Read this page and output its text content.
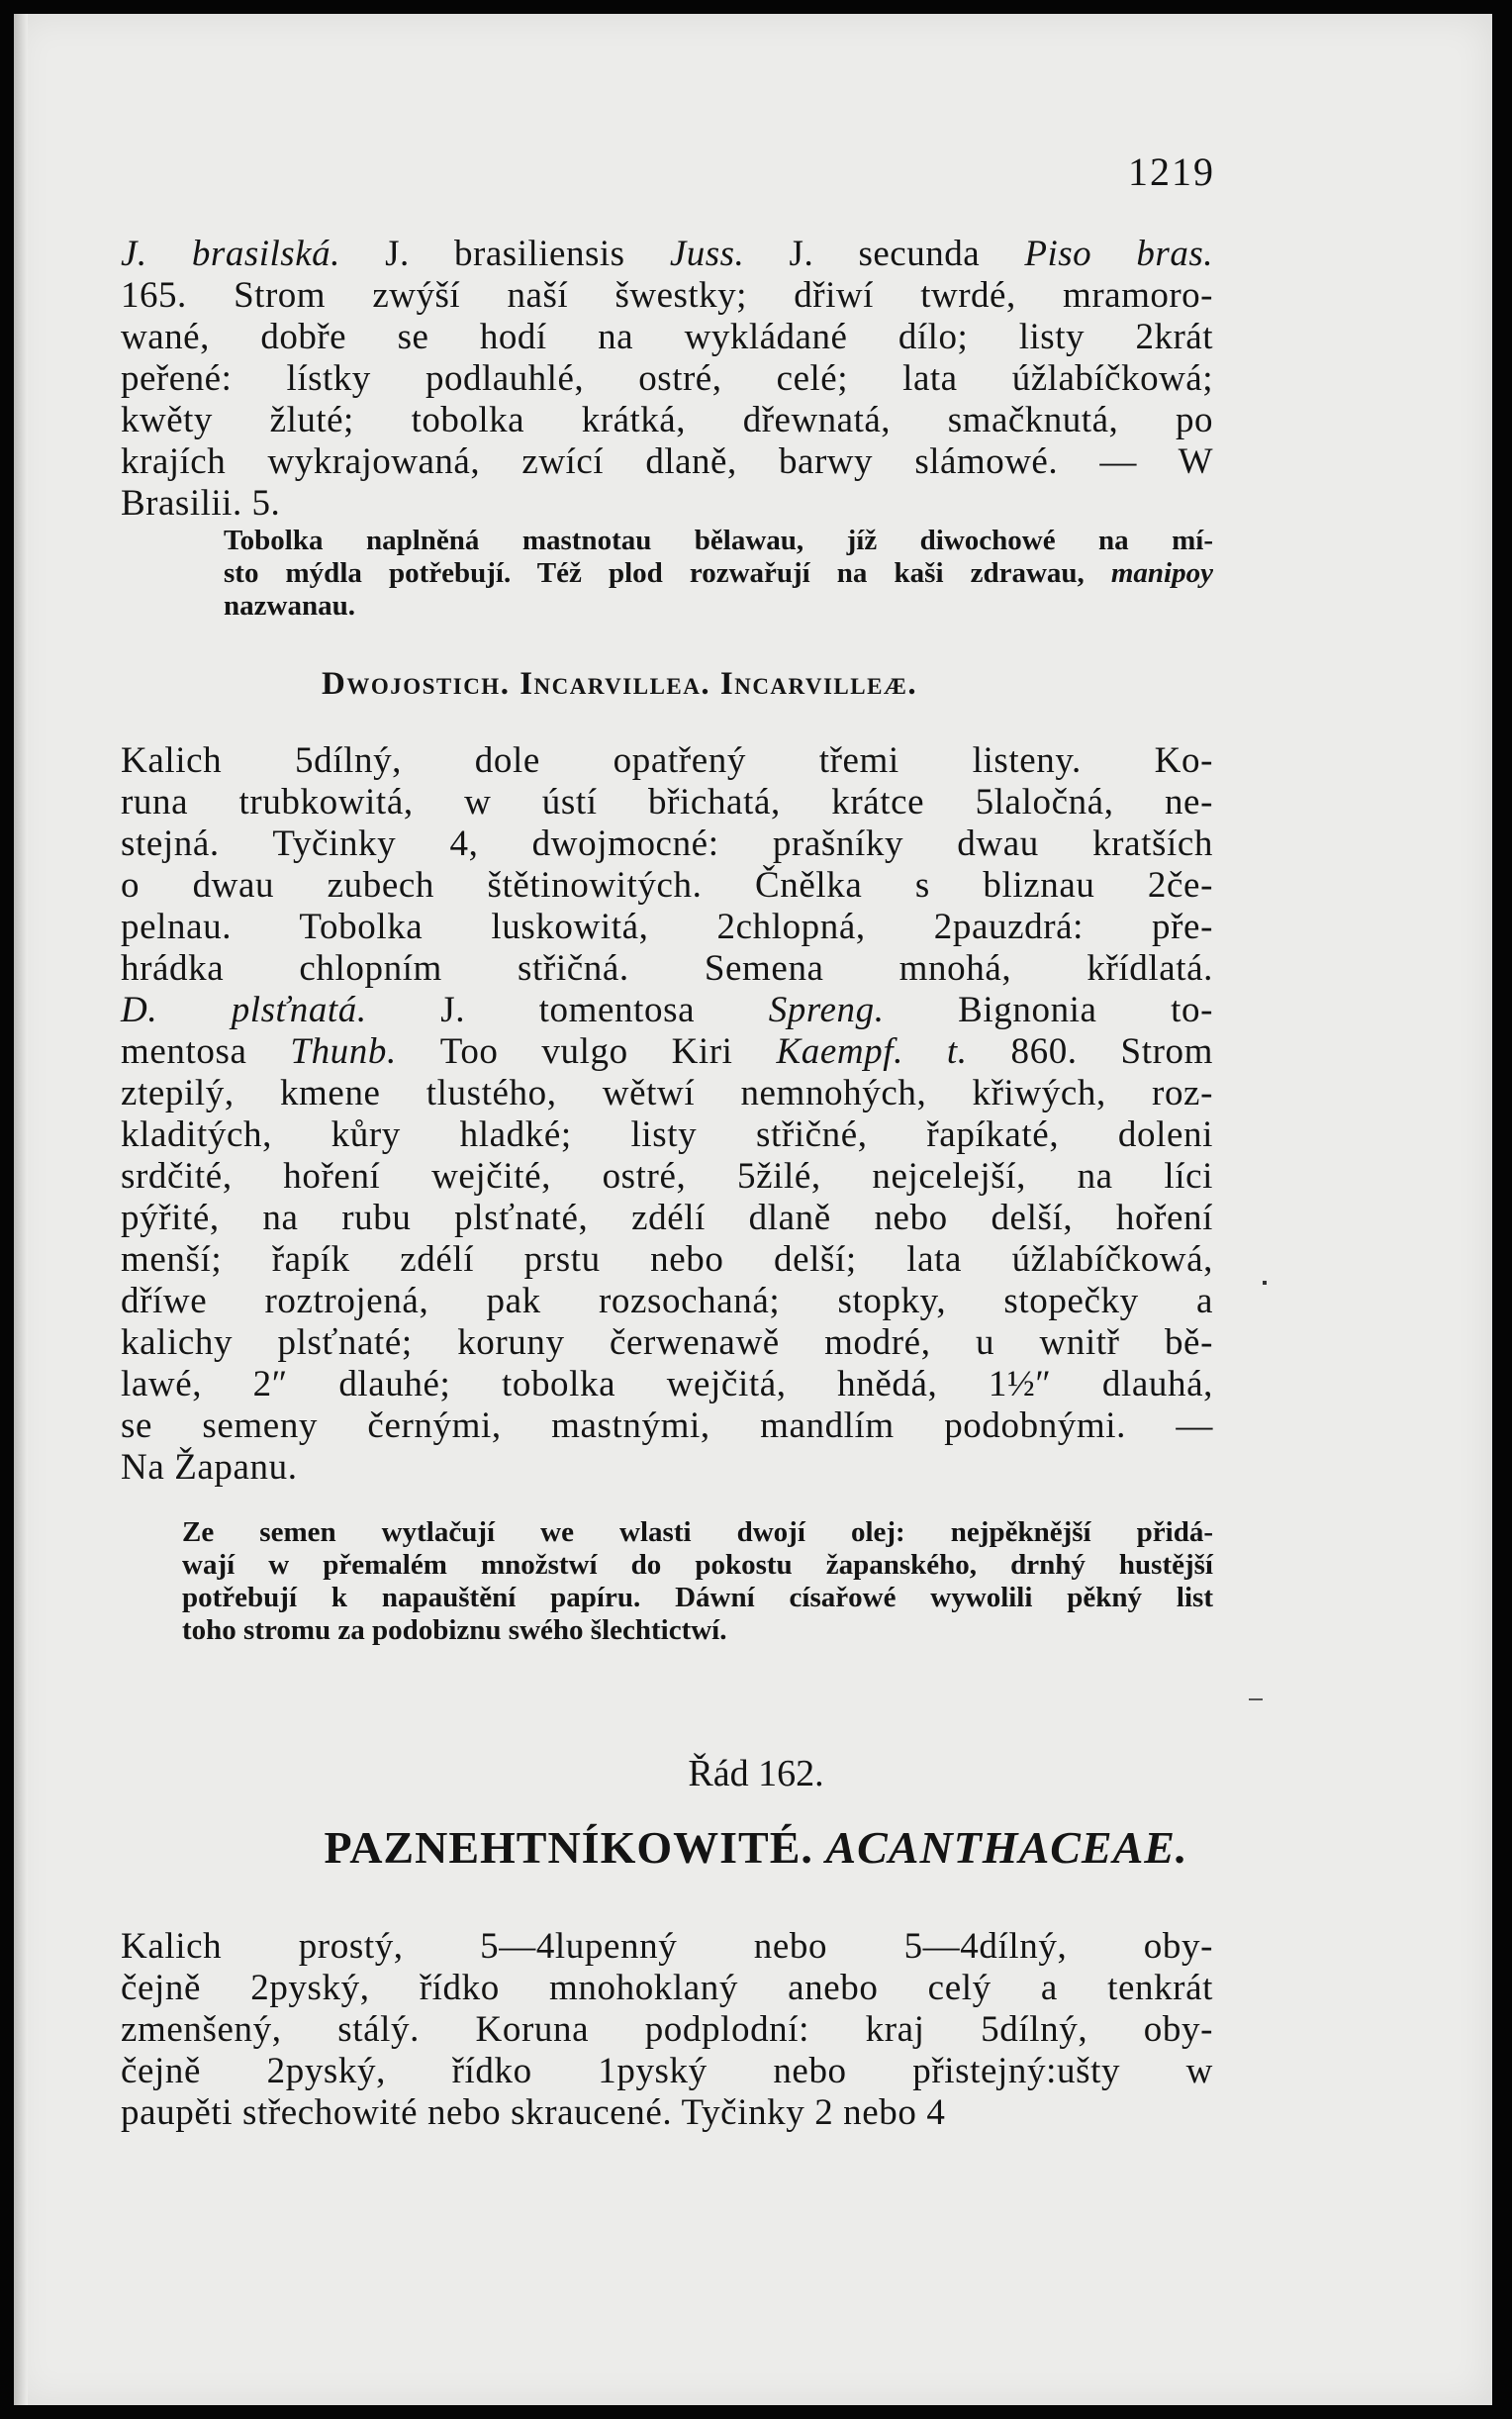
1219
J. brasilská. J. brasiliensis Juss. J. secunda Piso bras.
165. Strom zwýší naší šwestky; dřiwí twrdé, mramoro-
wané, dobře se hodí na wykládané dílo; listy 2krát
peřené: lístky podlauhlé, ostré, celé; lata úžlabíčkowá;
kwěty žluté; tobolka krátká, dřewnatá, smačknutá, po
krajích wykrajowaná, zwící dlaně, barwy slámowé. — W
Brasilii. 5.
Tobolka naplněná mastnotau bělawau, jíž diwochowé na mí-
sto mýdla potřebují. Též plod rozwařují na kaši zdrawau, manipoy
nazwanau.
Dwojostich. Incarvillea. Incarvilleæ.
Kalich 5dílný, dole opatřený třemi listeny. Ko-
runa trubkowitá, w ústí břichatá, krátce 5laločná, ne-
stejná. Tyčinky 4, dwojmocné: prašníky dwau kratších
o dwau zubech štětinowitých. Čnělka s bliznau 2če-
pelnau. Tobolka luskowitá, 2chlopná, 2pauzdrá: pře-
hrádka chlopním střičná. Semena mnohá, křídlatá.
D. plsťnatá. J. tomentosa Spreng. Bignonia to-
mentosa Thunb. Too vulgo Kiri Kaempf. t. 860. Strom
ztepilý, kmene tlustého, wětwí nemnohých, křiwých, roz-
kladitých, kůry hladké; listy střičné, řapíkaté, doleni
srdčité, hoření wejčité, ostré, 5žilé, nejcelejší, na líci
pýřité, na rubu plsťnaté, zdélí dlaně nebo delší, hoření
menší; řapík zdélí prstu nebo delší; lata úžlabíčkowá,
dříwe roztrojená, pak rozsochaná; stopky, stopečky a
kalichy plsťnaté; koruny čerwenawě modré, u wnitř bě-
lawé, 2″ dlauhé; tobolka wejčitá, hnědá, 1½″ dlauhá,
se semeny černými, mastnými, mandlím podobnými. —
Na Žapanu.
Ze semen wytlačují we wlasti dwojí olej: nejpěknější přidá-
wají w přemalém množstwí do pokostu žapanského, drnhý hustější
potřebují k napauštění papíru. Dáwní císařowé wywolili pěkný list
toho stromu za podobiznu swého šlechtictwí.
Řád 162.
PAZNEHTNÍKOWITÉ. ACANTHACEAE.
Kalich prostý, 5—4lupenný nebo 5—4dílný, oby-
čejně 2pyský, řídko mnohoklaný anebo celý a tenkrát
zmenšený, stálý. Koruna podplodní: kraj 5dílný, oby-
čejně 2pyský, řídko 1pyský nebo přistejný:ušty w
paupěti střechowité nebo skraucené. Tyčinky 2 nebo 4
